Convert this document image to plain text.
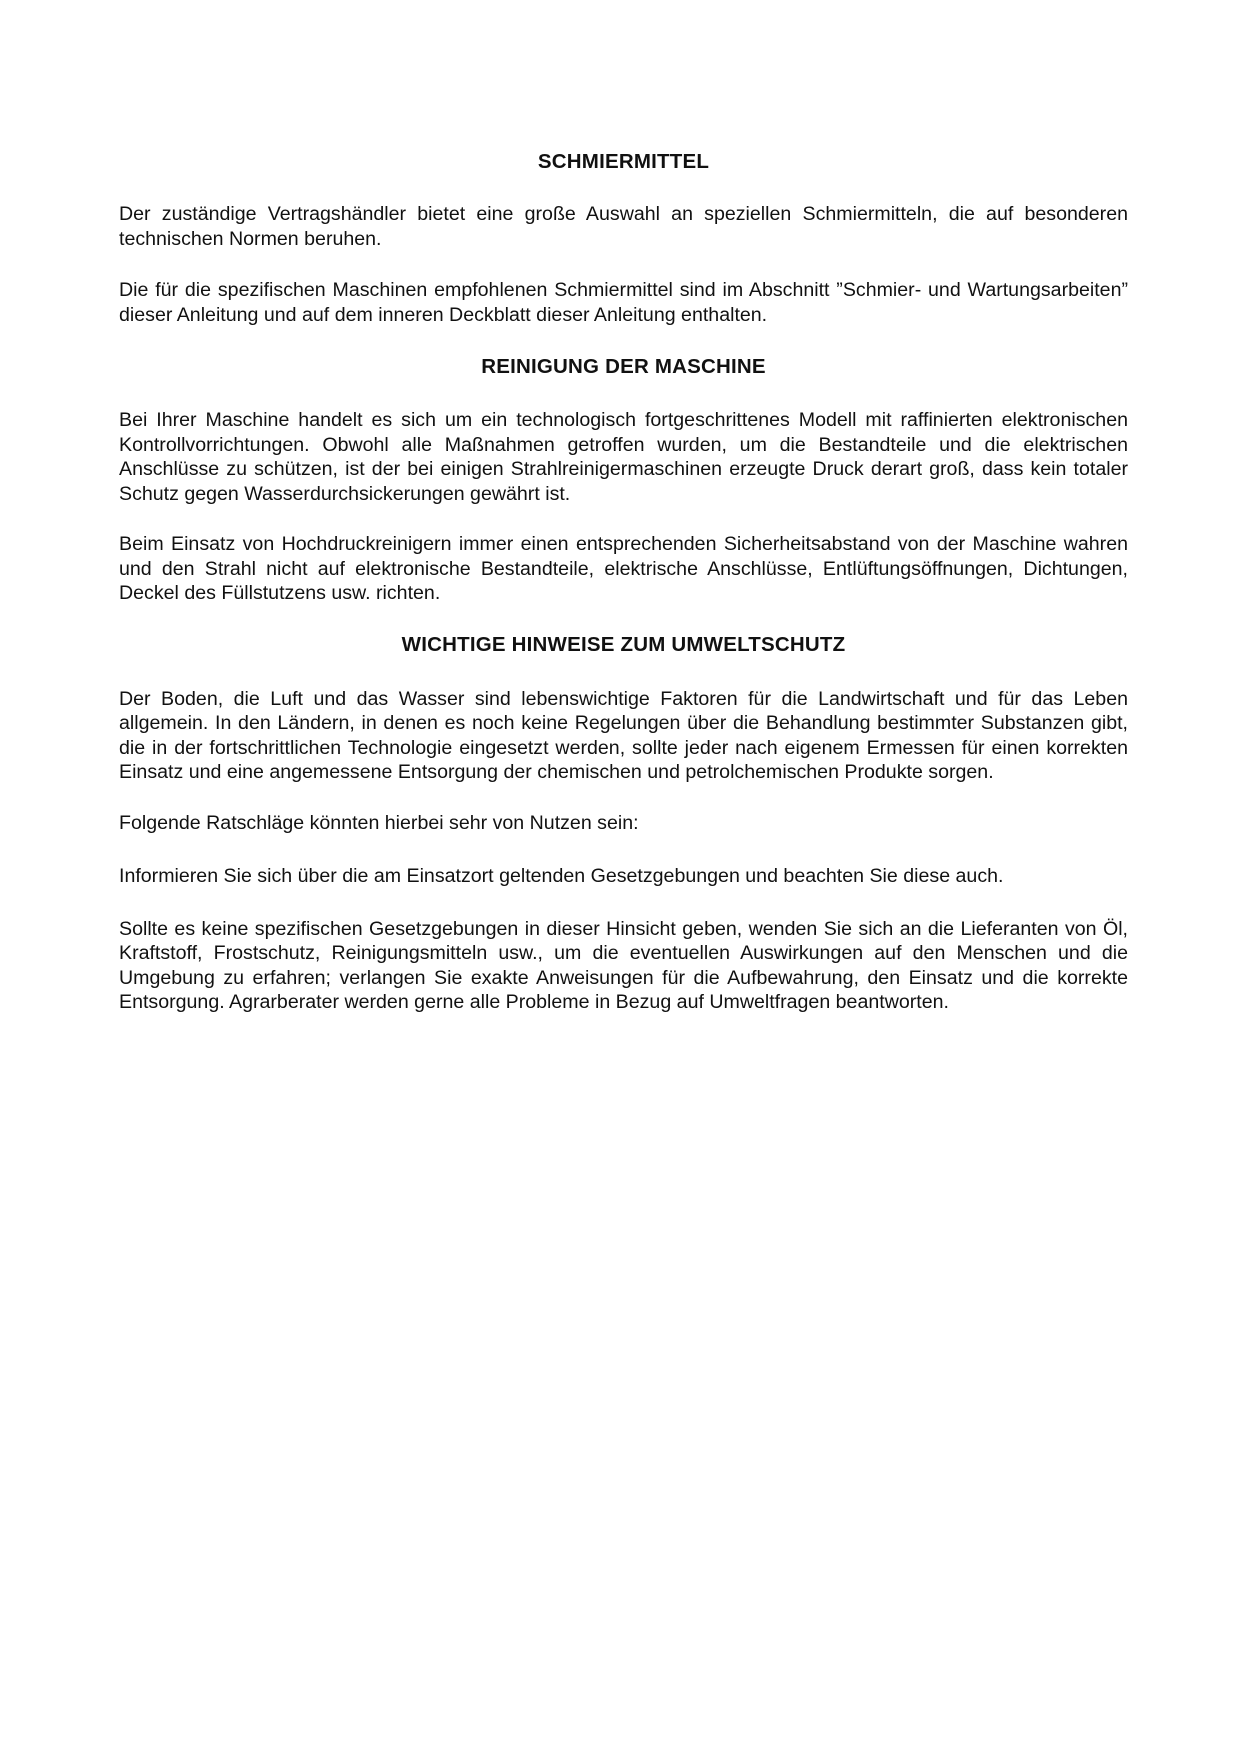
SCHMIERMITTEL

Der zuständige Vertragshändler bietet eine große Auswahl an speziellen Schmiermitteln, die auf besonderen technischen Normen beruhen.

Die für die spezifischen Maschinen empfohlenen Schmiermittel sind im Abschnitt ”Schmier- und Wartungsarbeiten” dieser Anleitung und auf dem inneren Deckblatt dieser Anleitung enthalten.

REINIGUNG DER MASCHINE

Bei Ihrer Maschine handelt es sich um ein technologisch fortgeschrittenes Modell mit raffinierten elektronischen Kontrollvorrichtungen. Obwohl alle Maßnahmen getroffen wurden, um die Bestandteile und die elektrischen Anschlüsse zu schützen, ist der bei einigen Strahlreinigermaschinen erzeugte Druck derart groß, dass kein totaler Schutz gegen Wasserdurchsickerungen gewährt ist.

Beim Einsatz von Hochdruckreinigern immer einen entsprechenden Sicherheitsabstand von der Maschine wahren und den Strahl nicht auf elektronische Bestandteile, elektrische Anschlüsse, Entlüftungsöffnungen, Dichtungen, Deckel des Füllstutzens usw. richten.

WICHTIGE HINWEISE ZUM UMWELTSCHUTZ

Der Boden, die Luft und das Wasser sind lebenswichtige Faktoren für die Landwirtschaft und für das Leben allgemein. In den Ländern, in denen es noch keine Regelungen über die Behandlung bestimmter Substanzen gibt, die in der fortschrittlichen Technologie eingesetzt werden, sollte jeder nach eigenem Ermessen für einen korrekten Einsatz und eine angemessene Entsorgung der chemischen und petrolchemischen Produkte sorgen.

Folgende Ratschläge könnten hierbei sehr von Nutzen sein:

Informieren Sie sich über die am Einsatzort geltenden Gesetzgebungen und beachten Sie diese auch.

Sollte es keine spezifischen Gesetzgebungen in dieser Hinsicht geben, wenden Sie sich an die Lieferanten von Öl, Kraftstoff, Frostschutz, Reinigungsmitteln usw., um die eventuellen Auswirkungen auf den Menschen und die Umgebung zu erfahren; verlangen Sie exakte Anweisungen für die Aufbewahrung, den Einsatz und die korrekte Entsorgung. Agrarberater werden gerne alle Probleme in Bezug auf Umweltfragen beantworten.
